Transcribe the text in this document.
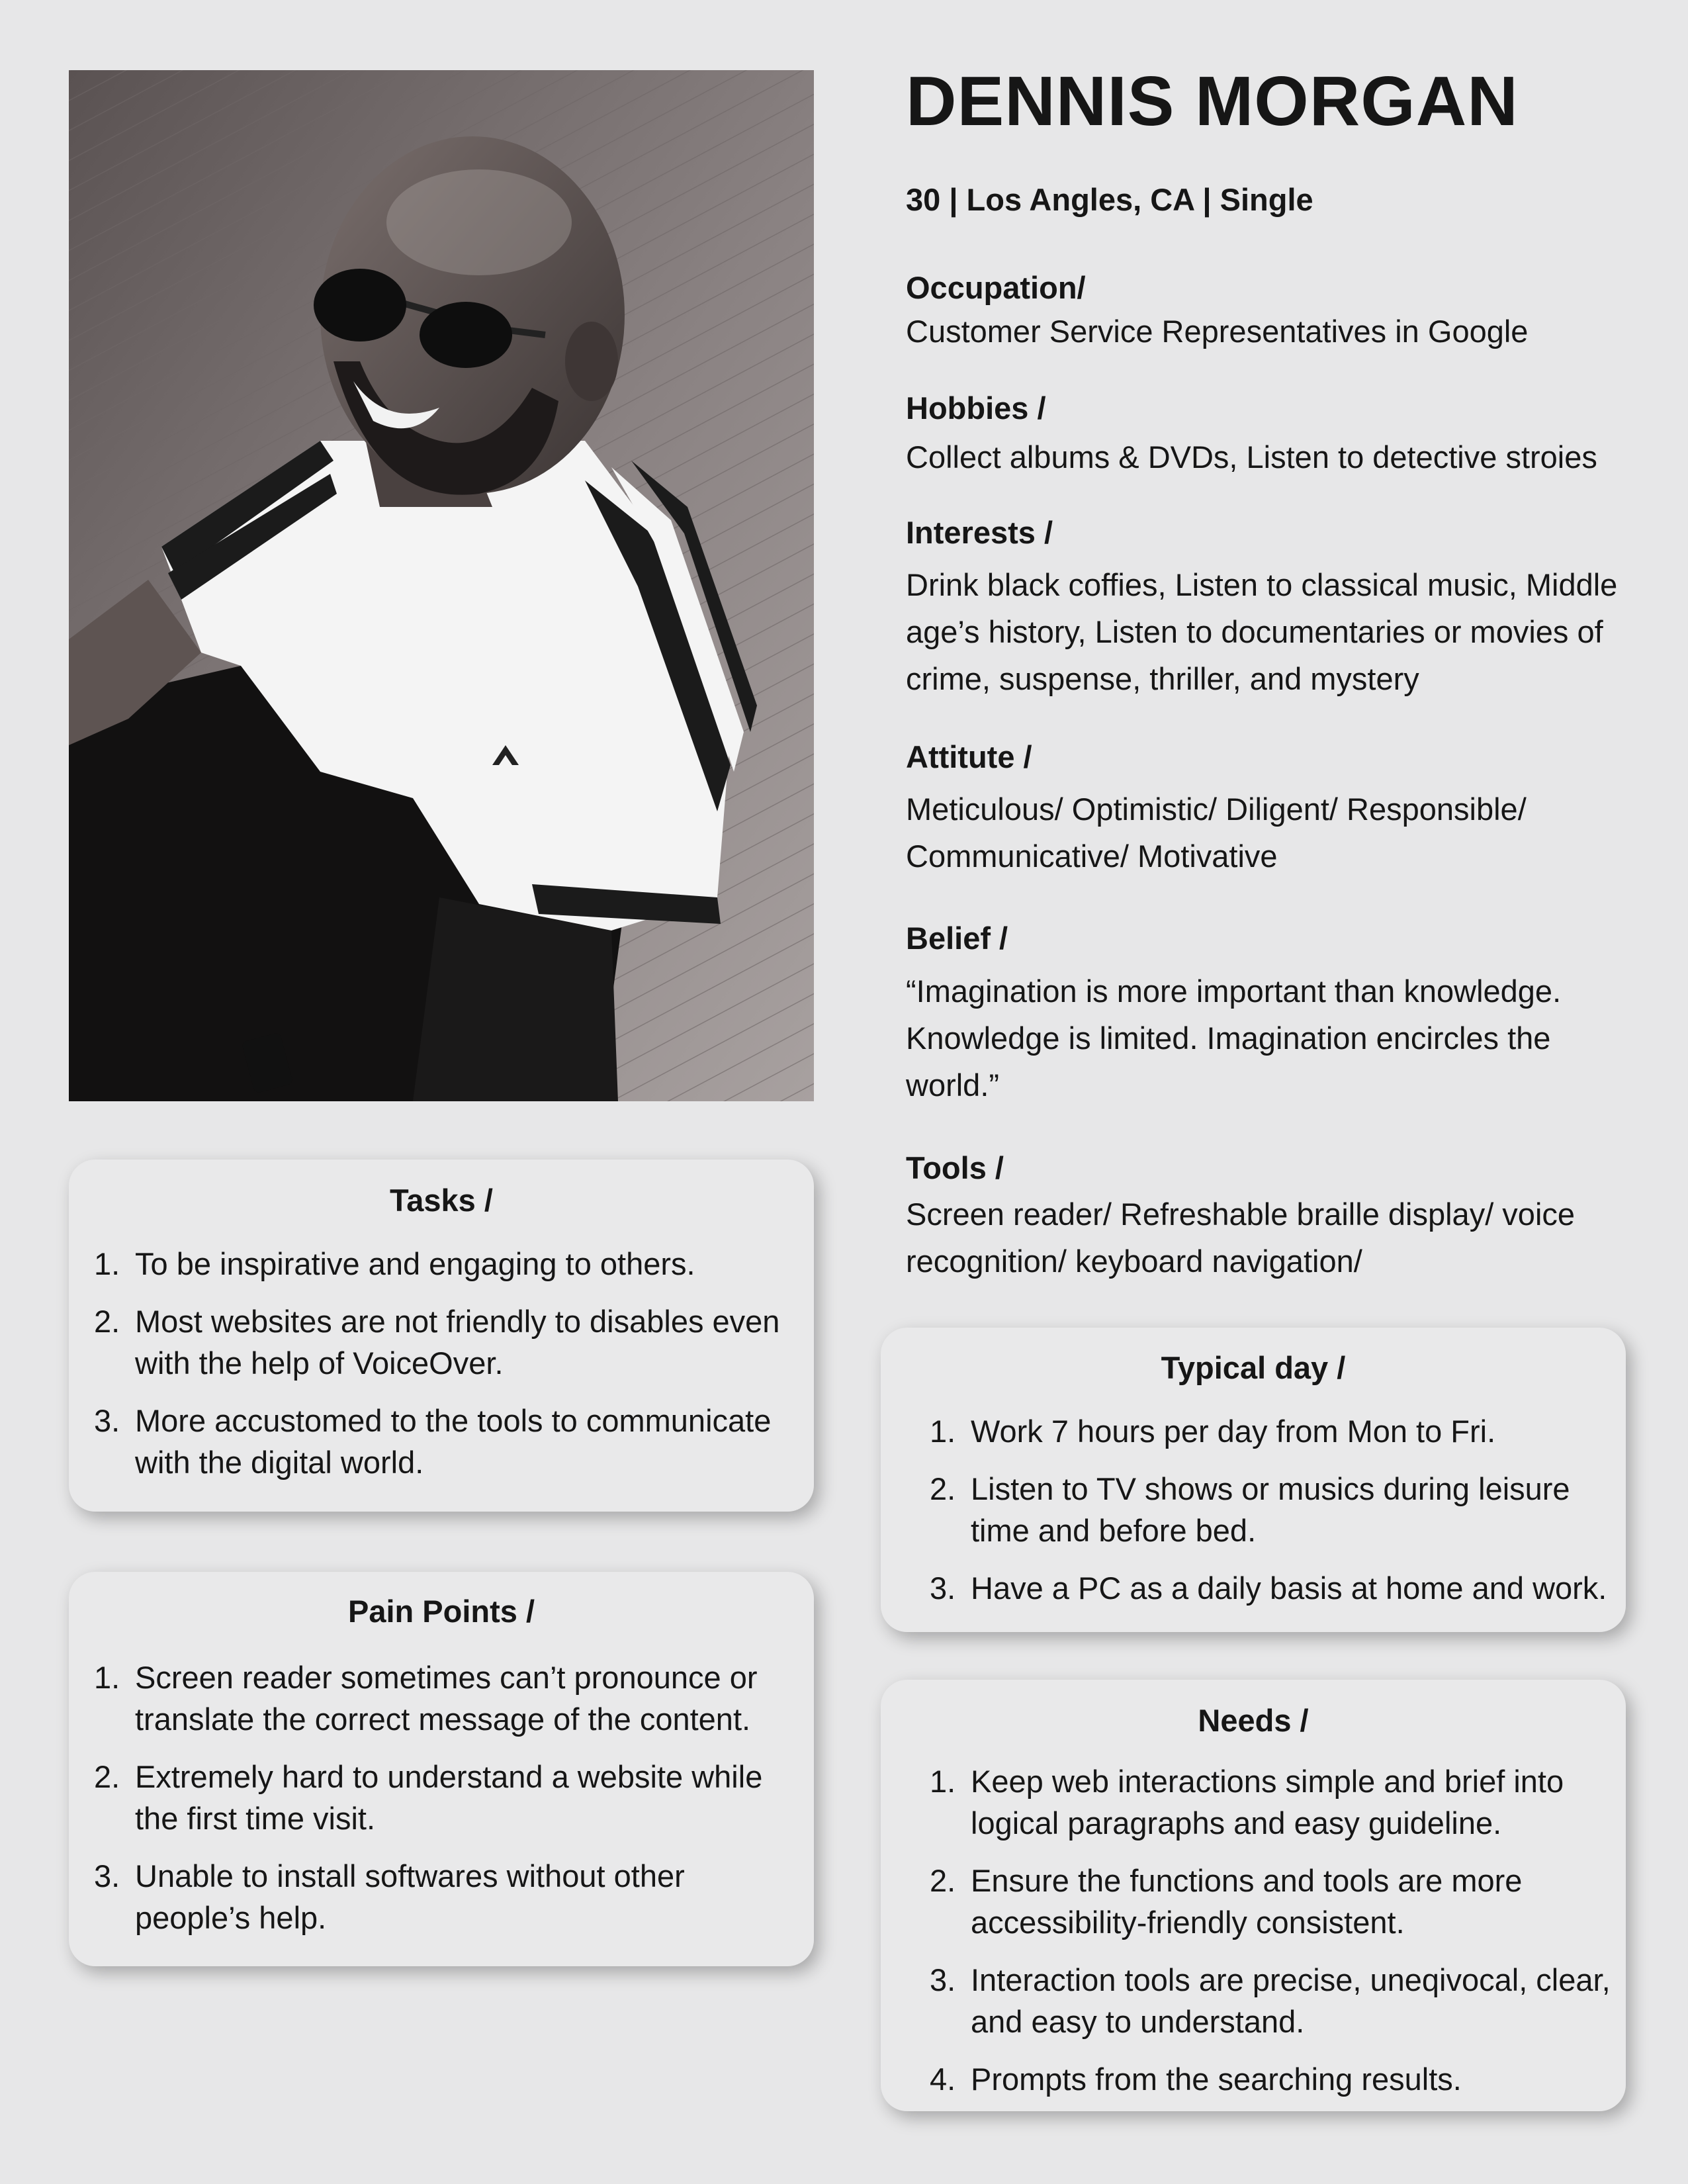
DENNIS MORGAN
30 | Los Angles, CA | Single
Occupation/
Customer Service Representatives in Google
Hobbies /
Collect albums & DVDs, Listen to detective stroies
Interests /
Drink black coffies, Listen to classical music, Middle age’s history, Listen to documentaries or movies of crime, suspense, thriller, and mystery
Attitute /
Meticulous/ Optimistic/ Diligent/ Responsible/ Communicative/ Motivative
Belief /
“Imagination is more important than knowledge. Knowledge is limited. Imagination encircles the world.”
Tools /
Screen reader/ Refreshable braille display/ voice recognition/ keyboard navigation/
Tasks /
1. To be inspirative and engaging to others.
2. Most websites are not friendly to disables even with the help of VoiceOver.
3. More accustomed to the tools to communicate with the digital world.
Pain Points /
1. Screen reader sometimes can’t pronounce or translate the correct message of the content.
2. Extremely hard to understand a website while the first time visit.
3. Unable to install softwares without other people’s help.
Typical day /
1. Work 7 hours per day from Mon to Fri.
2. Listen to TV shows or musics during leisure time and before bed.
3. Have a PC as a daily basis at home and work.
Needs /
1. Keep web interactions simple and brief into logical paragraphs and easy guideline.
2. Ensure the functions and tools are more accessibility-friendly consistent.
3. Interaction tools are precise, uneqivocal, clear, and easy to understand.
4. Prompts from the searching results.
